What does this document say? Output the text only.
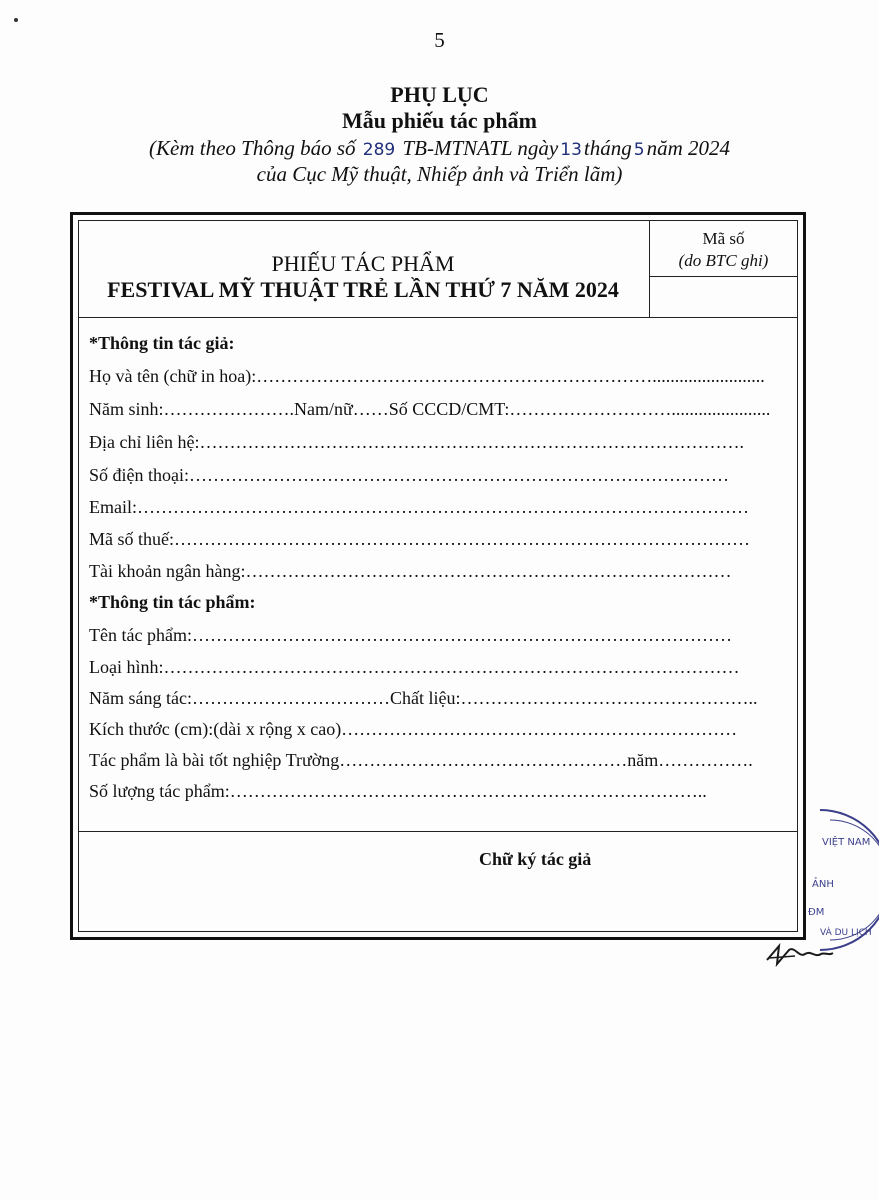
5
PHỤ LỤC
Mẫu phiếu tác phẩm
(Kèm theo Thông báo số 289 TB-MTNATL ngày 13tháng 5năm 2024
của Cục Mỹ thuật, Nhiếp ảnh và Triển lãm)
PHIẾU TÁC PHẨM
FESTIVAL MỸ THUẬT TRẺ LẦN THỨ 7 NĂM 2024
Mã số
(do BTC ghi)
*Thông tin tác giả:
Họ và tên (chữ in hoa):………………………………………………………….........................
Năm sinh:………………….Nam/nữ……Số CCCD/CMT:………………………......................
Địa chỉ liên hệ:……………………………………………………………………………….
Số điện thoại:………………………………………………………………………………
Email:…………………………………………………………………………………………
Mã số thuế:……………………………………………………………………………………
Tài khoản ngân hàng:………………………………………………………………………
*Thông tin tác phẩm:
Tên tác phẩm:………………………………………………………………………………
Loại hình:……………………………………………………………………………………
Năm sáng tác:……………………………Chất liệu:…………………………………………..
Kích thước (cm):(dài x rộng x cao)…………………………………………………………
Tác phẩm là bài tốt nghiệp Trường…………………………………………năm…………….
Số lượng tác phẩm:……………………………………………………………………..
Chữ ký tác giả
VIỆT NAM
ẢNH
ĐM
VÀ DU LỊCH
